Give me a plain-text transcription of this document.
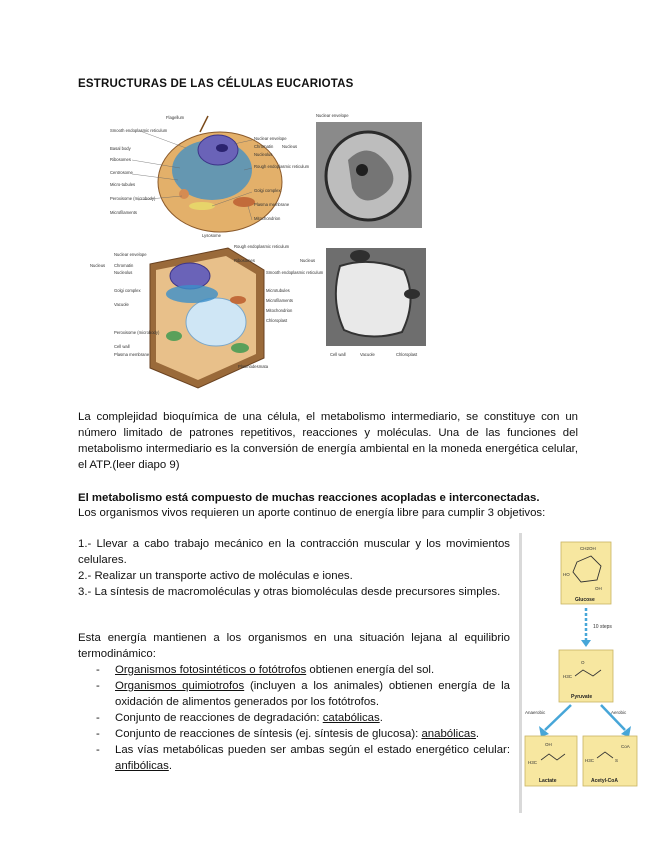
ESTRUCTURAS DE LAS CÉLULAS EUCARIOTAS
Flagellum
Smooth endoplasmic reticulum
Basal body
Ribosomes
Centrosome
Micro-tubules
Peroxisome (microbody)
Microfilaments
Nuclear envelope
Chromatin
Nucleolus
Nucleus
Rough endoplasmic reticulum
Golgi complex
Plasma membrane
Mitochondrion
Lysosome
Nuclear envelope
Nuclear envelope
Chromatin
Nucleolus
Nucleus
Golgi complex
Vacuole
Peroxisome (microbody)
Cell wall
Plasma membrane
Rough endoplasmic reticulum
Ribosomes
Smooth endoplasmic reticulum
Microtubules
Microfilaments
Mitochondrion
Chloroplast
Plasmodesmata
Nucleus
Cell wall	Vacuole	Chloroplast
La complejidad bioquímica de una célula, el metabolismo intermediario, se constituye con un número limitado de patrones repetitivos, reacciones y moléculas. Una de las funciones del metabolismo intermediario es la conversión de energía ambiental en la moneda energética celular, el ATP.(leer diapo 9)
El metabolismo está compuesto de muchas reacciones acopladas e interconectadas.
Los organismos vivos requieren un aporte continuo de energía libre para cumplir 3 objetivos:
1.- Llevar a cabo trabajo mecánico en la contracción muscular y los movimientos celulares.
2.- Realizar un transporte activo de moléculas e iones.
3.- La síntesis de macromoléculas y otras biomoléculas desde precursores simples.
Esta energía mantienen a los organismos en una situación lejana al equilibrio termodinámico:
- Organismos fotosintéticos o fotótrofos obtienen energía del sol.
- Organismos quimiotrofos (incluyen a los animales) obtienen energía de la oxidación de alimentos generados por los fotótrofos.
- Conjunto de reacciones de degradación: catabólicas.
- Conjunto de reacciones de síntesis (ej. síntesis de glucosa): anabólicas.
- Las vías metabólicas pueden ser ambas según el estado energético celular: anfibólicas.
CH2OH
HO
OH
Glucose
10 steps
H3C
O
Pyruvate
Anaerobic	Aerobic
H3C
OH
Lactate
H3C	S
CoA
Acetyl-CoA
